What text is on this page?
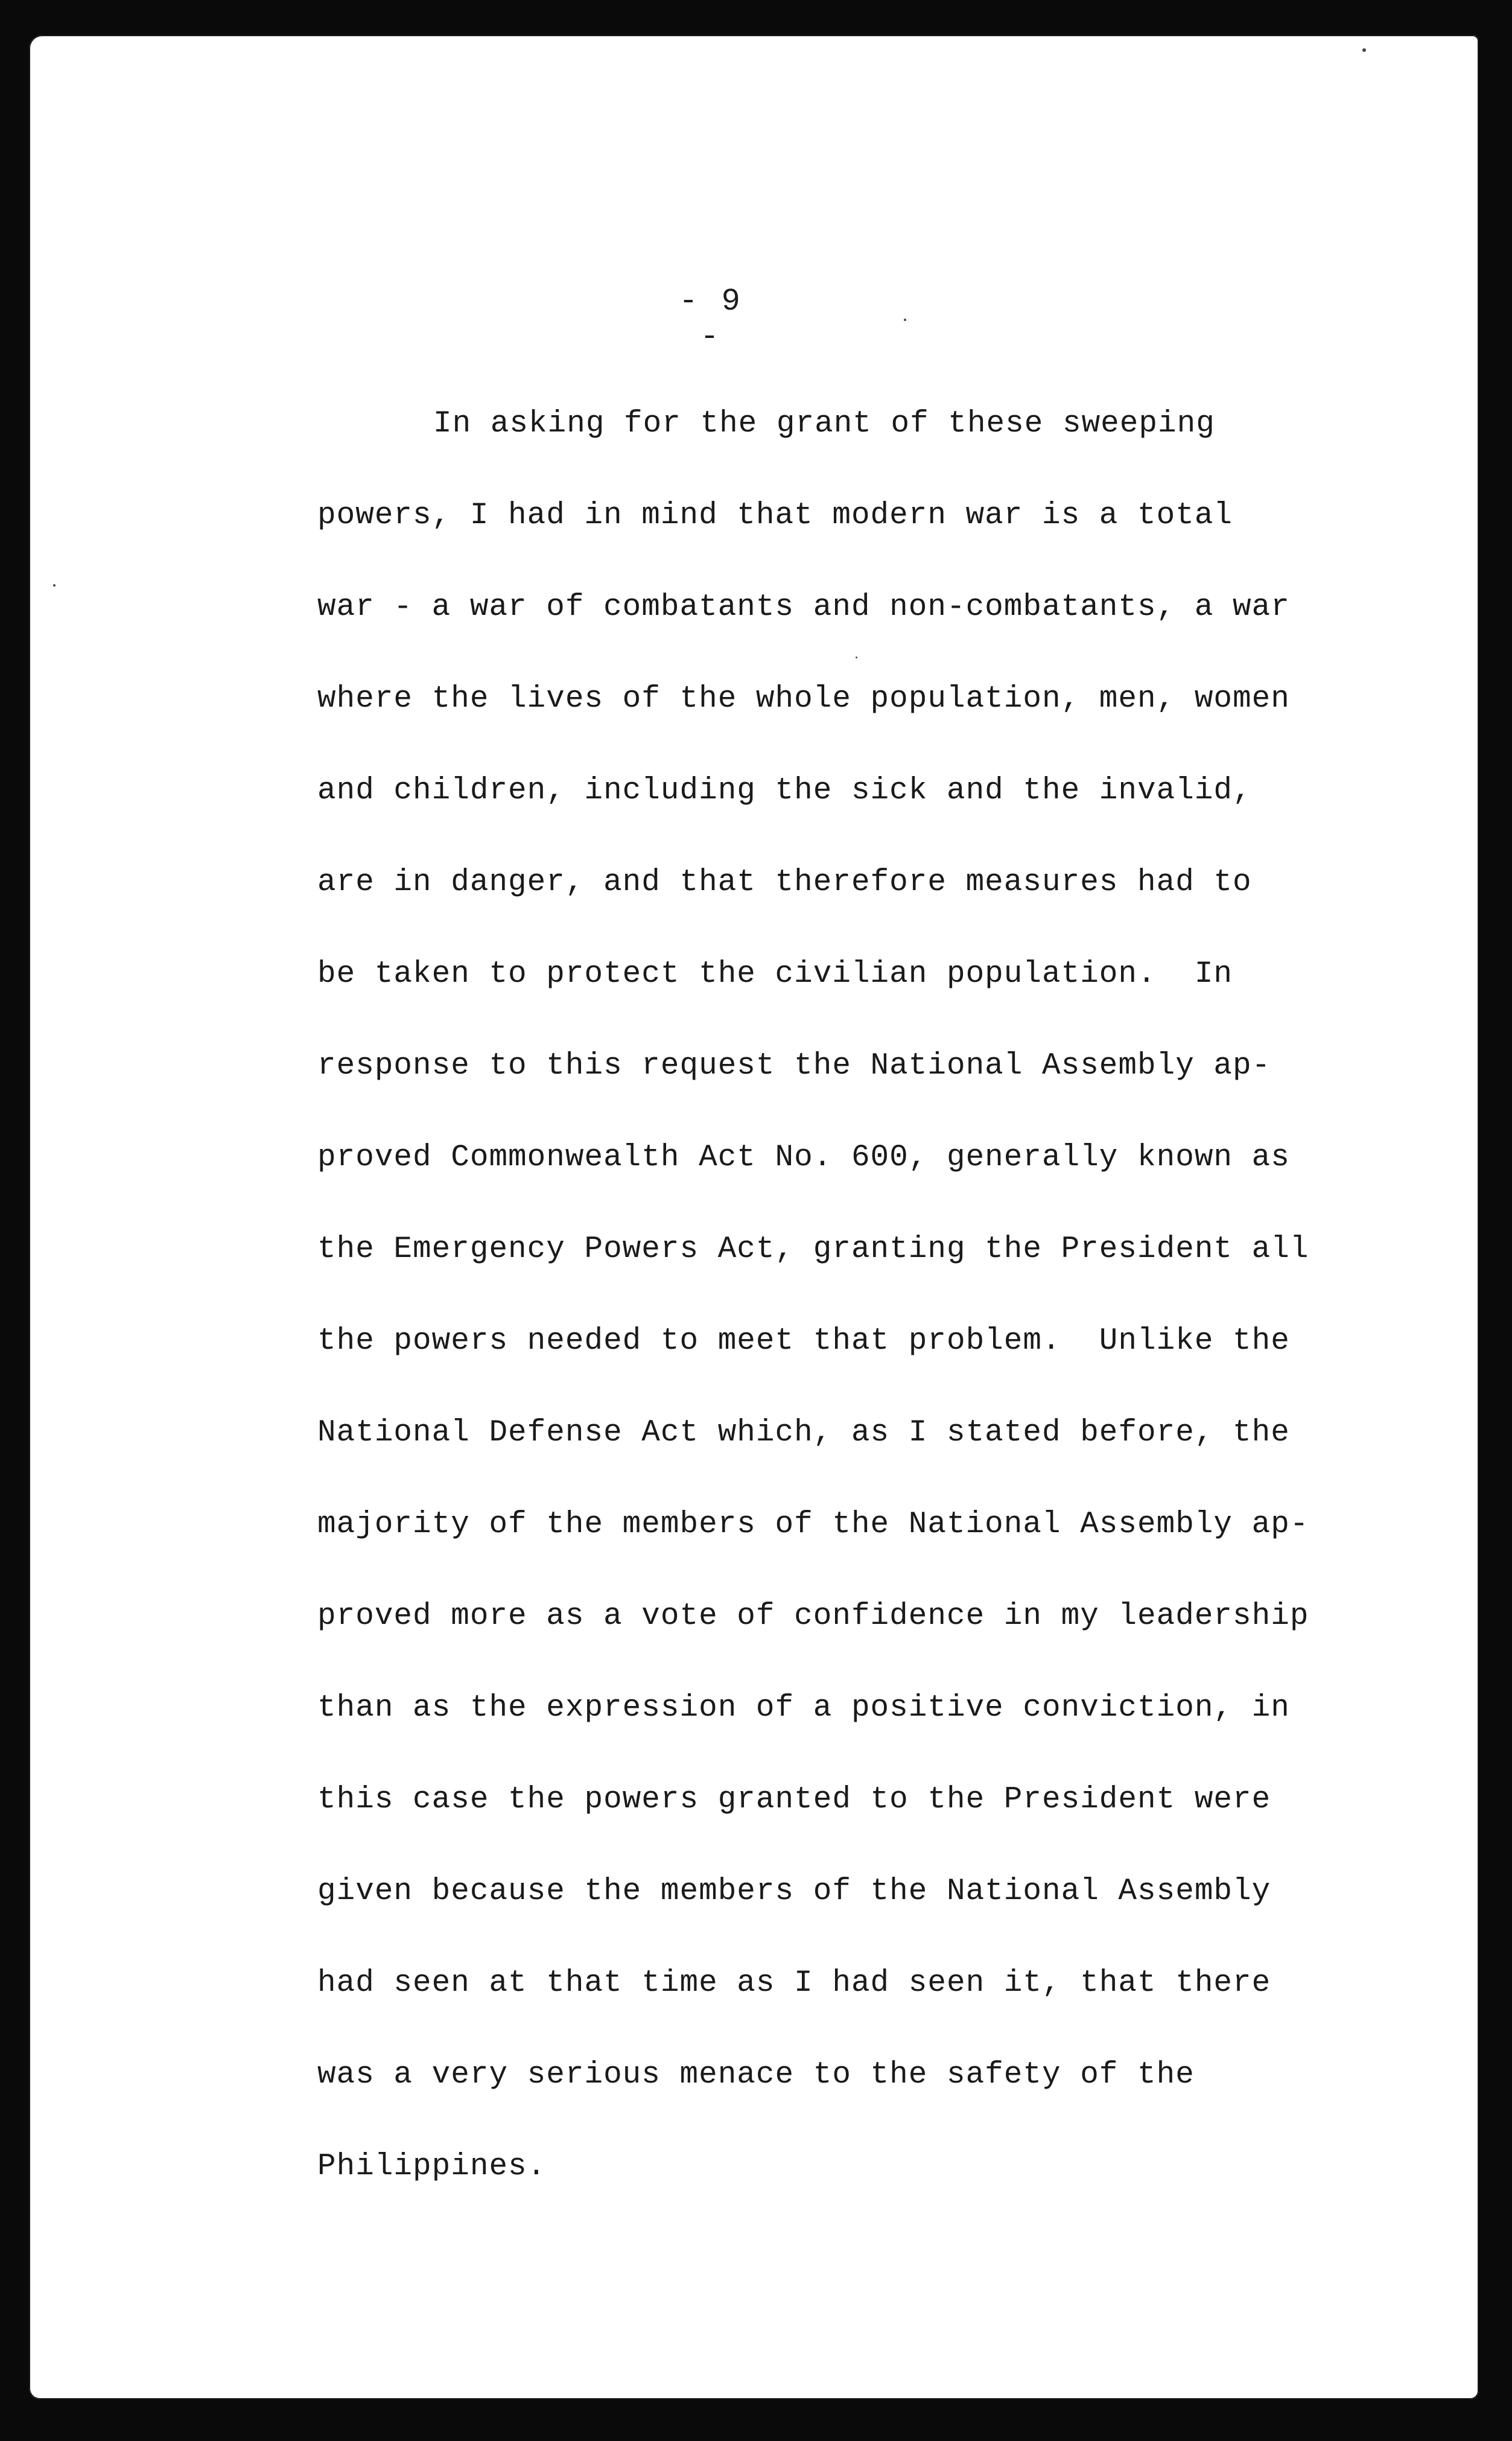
- 9 -
In asking for the grant of these sweeping
powers, I had in mind that modern war is a total
war - a war of combatants and non-combatants, a war
where the lives of the whole population, men, women
and children, including the sick and the invalid,
are in danger, and that therefore measures had to
be taken to protect the civilian population.  In
response to this request the National Assembly ap-
proved Commonwealth Act No. 600, generally known as
the Emergency Powers Act, granting the President all
the powers needed to meet that problem.  Unlike the
National Defense Act which, as I stated before, the
majority of the members of the National Assembly ap-
proved more as a vote of confidence in my leadership
than as the expression of a positive conviction, in
this case the powers granted to the President were
given because the members of the National Assembly
had seen at that time as I had seen it, that there
was a very serious menace to the safety of the
Philippines.
